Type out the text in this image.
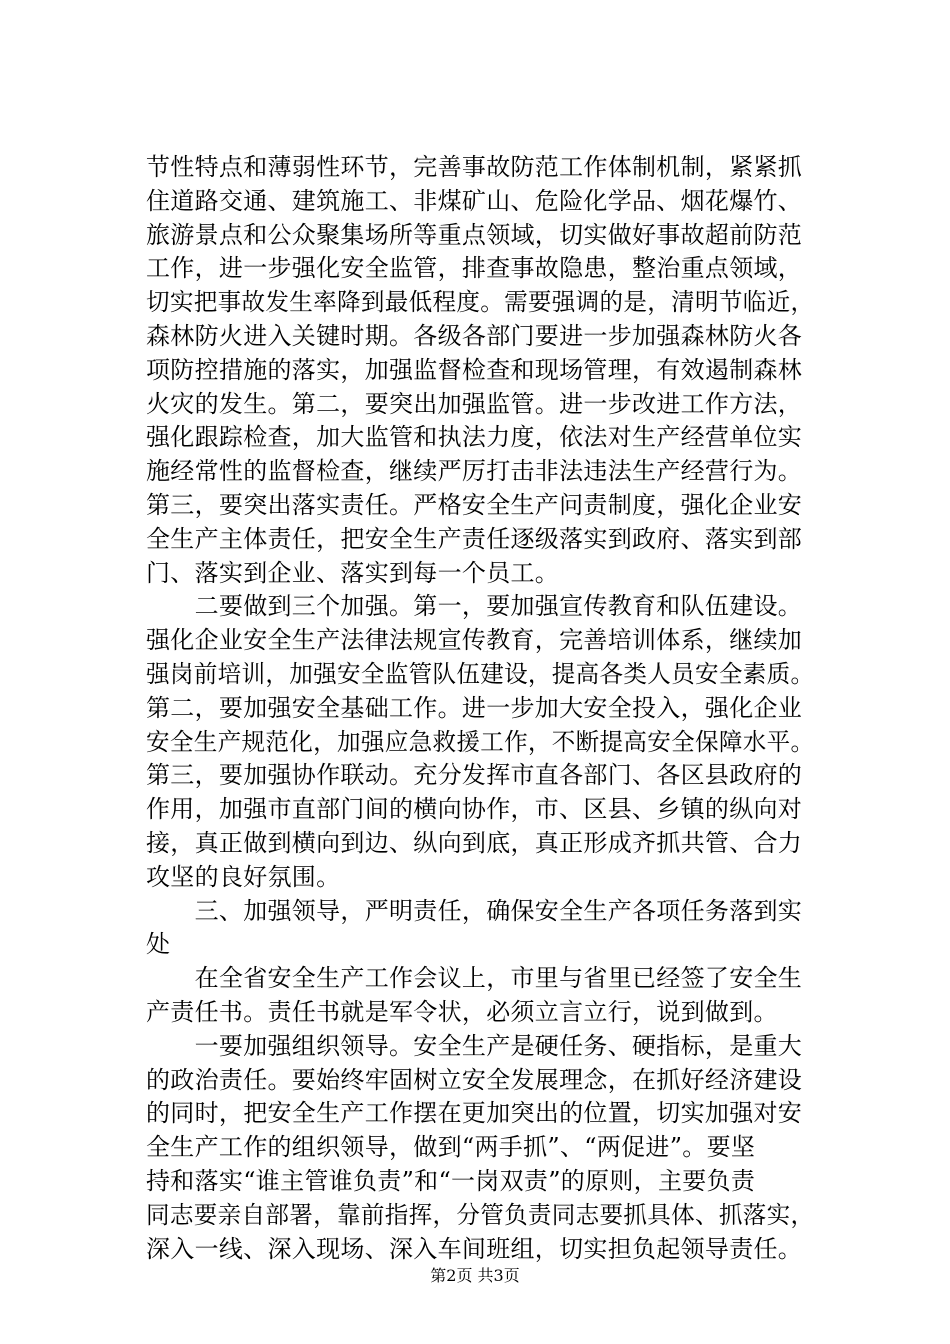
节性特点和薄弱性环节，完善事故防范工作体制机制，紧紧抓
住道路交通、建筑施工、非煤矿山、危险化学品、烟花爆竹、
旅游景点和公众聚集场所等重点领域，切实做好事故超前防范
工作，进一步强化安全监管，排查事故隐患，整治重点领域，
切实把事故发生率降到最低程度。需要强调的是，清明节临近，
森林防火进入关键时期。各级各部门要进一步加强森林防火各
项防控措施的落实，加强监督检查和现场管理，有效遏制森林
火灾的发生。第二，要突出加强监管。进一步改进工作方法，
强化跟踪检查，加大监管和执法力度，依法对生产经营单位实
施经常性的监督检查，继续严厉打击非法违法生产经营行为。
第三，要突出落实责任。严格安全生产问责制度，强化企业安
全生产主体责任，把安全生产责任逐级落实到政府、落实到部
门、落实到企业、落实到每一个员工。
　　二要做到三个加强。第一，要加强宣传教育和队伍建设。
强化企业安全生产法律法规宣传教育，完善培训体系，继续加
强岗前培训，加强安全监管队伍建设，提高各类人员安全素质。
第二，要加强安全基础工作。进一步加大安全投入，强化企业
安全生产规范化，加强应急救援工作，不断提高安全保障水平。
第三，要加强协作联动。充分发挥市直各部门、各区县政府的
作用，加强市直部门间的横向协作，市、区县、乡镇的纵向对
接，真正做到横向到边、纵向到底，真正形成齐抓共管、合力
攻坚的良好氛围。
　　三、加强领导，严明责任，确保安全生产各项任务落到实
处
　　在全省安全生产工作会议上，市里与省里已经签了安全生
产责任书。责任书就是军令状，必须立言立行，说到做到。
　　一要加强组织领导。安全生产是硬任务、硬指标，是重大
的政治责任。要始终牢固树立安全发展理念，在抓好经济建设
的同时，把安全生产工作摆在更加突出的位置，切实加强对安
全生产工作的组织领导，做到“两手抓”、“两促进”。要坚
持和落实“谁主管谁负责”和“一岗双责”的原则，主要负责
同志要亲自部署，靠前指挥，分管负责同志要抓具体、抓落实，
深入一线、深入现场、深入车间班组，切实担负起领导责任。
第2页 共3页
